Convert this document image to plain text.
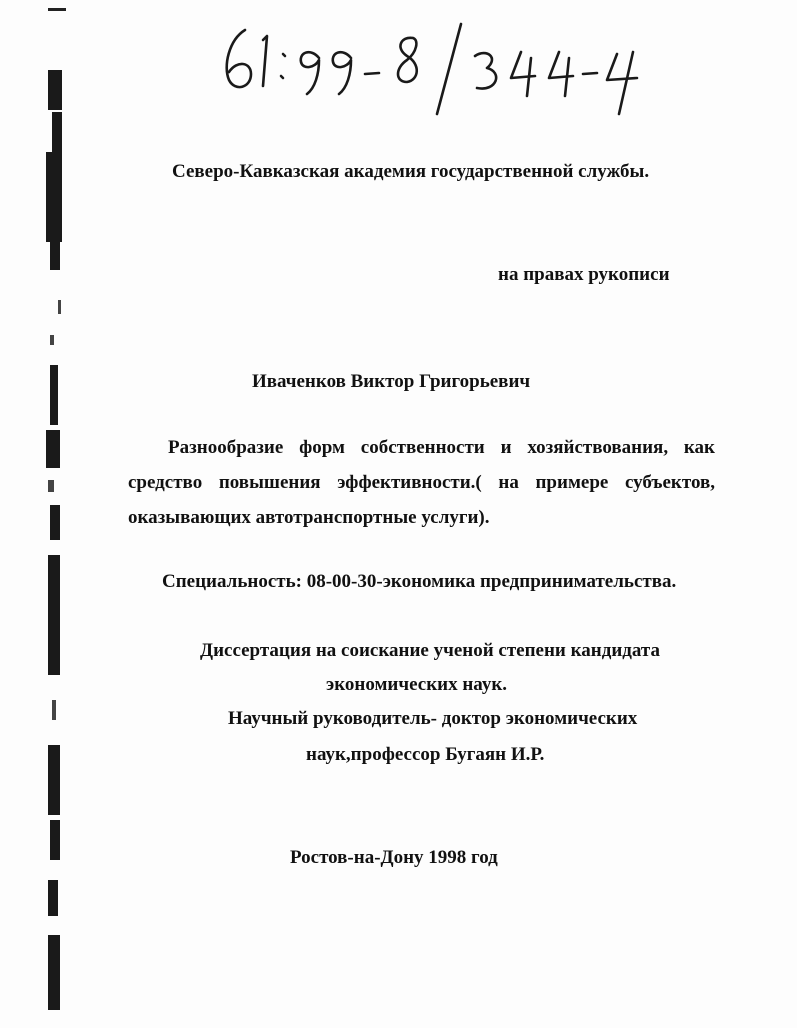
Северо-Кавказская академия государственной службы.
на правах рукописи
Иваченков Виктор Григорьевич
Разнообразие форм собственности и хозяйствования, как
средство повышения эффективности.( на примере субъектов,
оказывающих автотранспортные услуги).
Специальность: 08-00-30-экономика предпринимательства.
Диссертация на соискание ученой степени кандидата
экономических наук.
Научный руководитель- доктор экономических
наук,профессор Бугаян И.Р.
Ростов-на-Дону 1998 год
